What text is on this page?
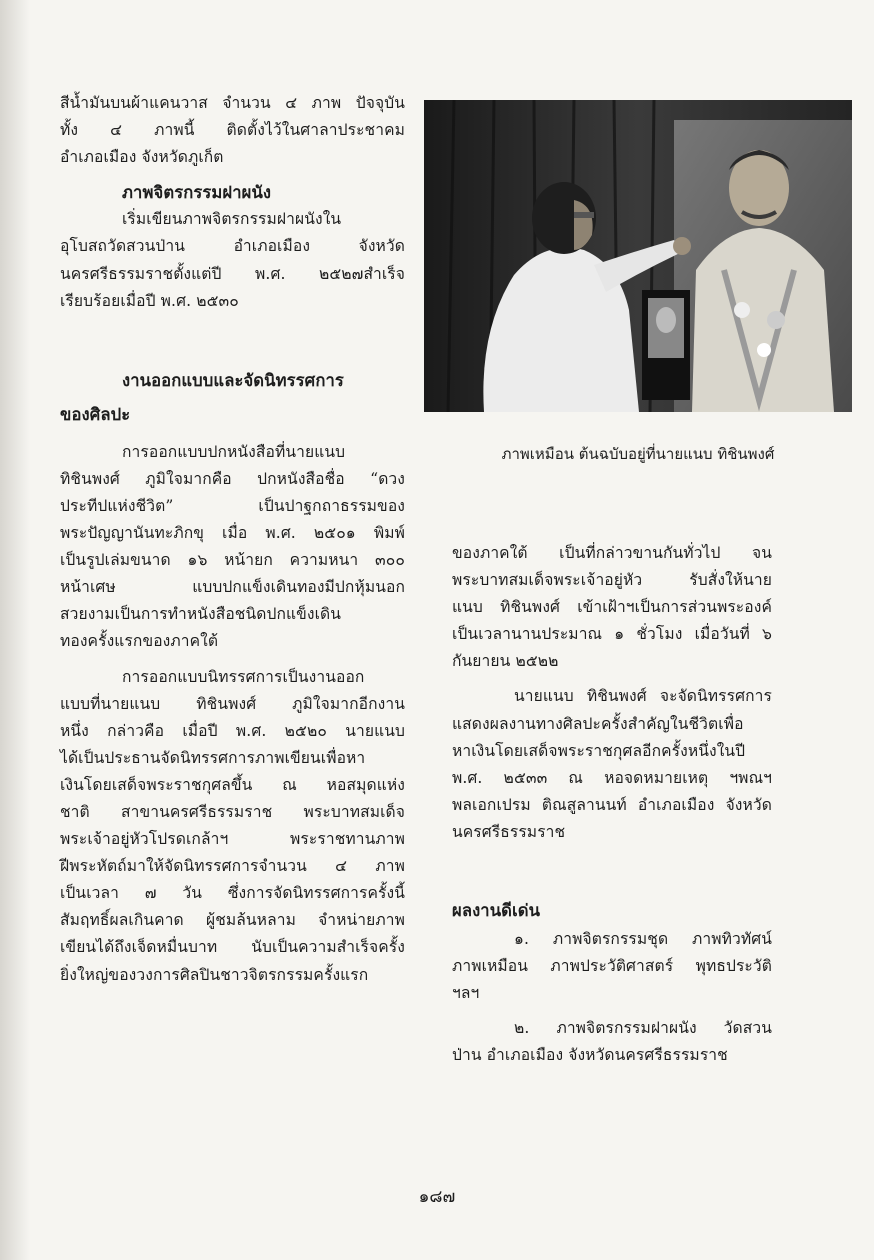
สีน้ำมันบนผ้าแคนวาส จำนวน ๔ ภาพ ปัจจุบัน
ทั้ง ๔ ภาพนี้ ติดตั้งไว้ในศาลาประชาคม
อำเภอเมือง จังหวัดภูเก็ต
ภาพจิตรกรรมฝาผนัง
เริ่มเขียนภาพจิตรกรรมฝาผนังใน
อุโบสถวัดสวนป่าน อำเภอเมือง จังหวัด
นครศรีธรรมราชตั้งแต่ปี พ.ศ. ๒๕๒๗สำเร็จ
เรียบร้อยเมื่อปี พ.ศ. ๒๕๓๐
งานออกแบบและจัดนิทรรศการ
ของศิลปะ
การออกแบบปกหนังสือที่นายแนบ
ทิชินพงศ์ ภูมิใจมากคือ ปกหนังสือชื่อ “ดวง
ประทีปแห่งชีวิต” เป็นปาฐกถาธรรมของ
พระปัญญานันทะภิกขุ เมื่อ พ.ศ. ๒๕๐๑ พิมพ์
เป็นรูปเล่มขนาด ๑๖ หน้ายก ความหนา ๓๐๐
หน้าเศษ แบบปกแข็งเดินทองมีปกหุ้มนอก
สวยงามเป็นการทำหนังสือชนิดปกแข็งเดิน
ทองครั้งแรกของภาคใต้
การออกแบบนิทรรศการเป็นงานออก
แบบที่นายแนบ ทิชินพงศ์ ภูมิใจมากอีกงาน
หนึ่ง กล่าวคือ เมื่อปี พ.ศ. ๒๕๒๐ นายแนบ
ได้เป็นประธานจัดนิทรรศการภาพเขียนเพื่อหา
เงินโดยเสด็จพระราชกุศลขึ้น ณ หอสมุดแห่ง
ชาติ สาขานครศรีธรรมราช พระบาทสมเด็จ
พระเจ้าอยู่หัวโปรดเกล้าฯ พระราชทานภาพ
ฝีพระหัตถ์มาให้จัดนิทรรศการจำนวน ๔ ภาพ
เป็นเวลา ๗ วัน ซึ่งการจัดนิทรรศการครั้งนี้
สัมฤทธิ์ผลเกินคาด ผู้ชมล้นหลาม จำหน่ายภาพ
เขียนได้ถึงเจ็ดหมื่นบาท นับเป็นความสำเร็จครั้ง
ยิ่งใหญ่ของวงการศิลปินชาวจิตรกรรมครั้งแรก
ภาพเหมือน ต้นฉบับอยู่ที่นายแนบ ทิชินพงศ์
ของภาคใต้ เป็นที่กล่าวขานกันทั่วไป จน
พระบาทสมเด็จพระเจ้าอยู่หัว รับสั่งให้นาย
แนบ ทิชินพงศ์ เข้าเฝ้าฯเป็นการส่วนพระองค์
เป็นเวลานานประมาณ ๑ ชั่วโมง เมื่อวันที่ ๖
กันยายน ๒๕๒๒
นายแนบ ทิชินพงศ์ จะจัดนิทรรศการ
แสดงผลงานทางศิลปะครั้งสำคัญในชีวิตเพื่อ
หาเงินโดยเสด็จพระราชกุศลอีกครั้งหนึ่งในปี
พ.ศ. ๒๕๓๓ ณ หอจดหมายเหตุ ฯพณฯ
พลเอกเปรม ติณสูลานนท์ อำเภอเมือง จังหวัด
นครศรีธรรมราช
ผลงานดีเด่น
๑. ภาพจิตรกรรมชุด ภาพทิวทัศน์
ภาพเหมือน ภาพประวัติศาสตร์ พุทธประวัติ
ฯลฯ
๒. ภาพจิตรกรรมฝาผนัง วัดสวน
ป่าน อำเภอเมือง จังหวัดนครศรีธรรมราช
๑๘๗
